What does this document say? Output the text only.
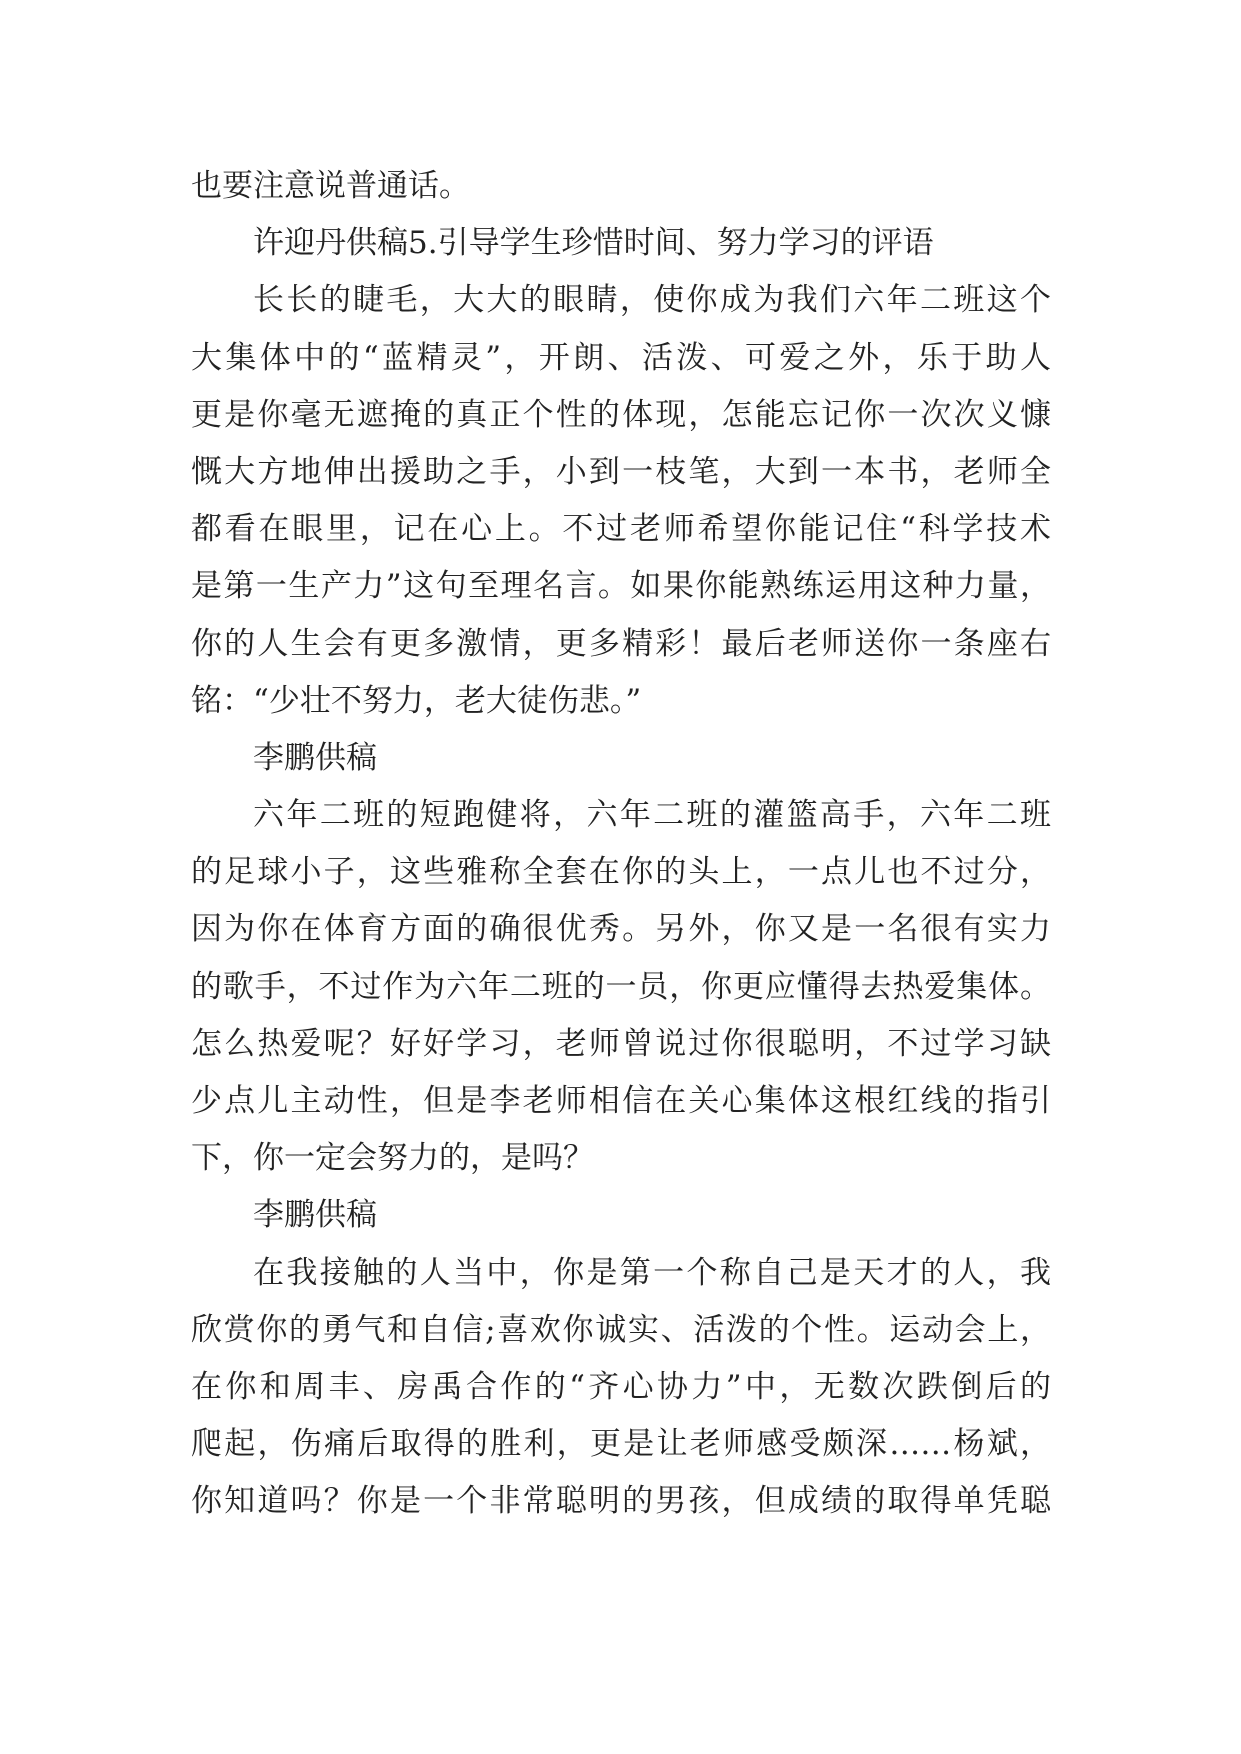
也要注意说普通话。
许迎丹供稿5.引导学生珍惜时间、努力学习的评语
长长的睫毛，大大的眼睛，使你成为我们六年二班这个
大集体中的“蓝精灵”，开朗、活泼、可爱之外，乐于助人
更是你毫无遮掩的真正个性的体现，怎能忘记你一次次义慷
慨大方地伸出援助之手，小到一枝笔，大到一本书，老师全
都看在眼里，记在心上。不过老师希望你能记住“科学技术
是第一生产力”这句至理名言。如果你能熟练运用这种力量，
你的人生会有更多激情，更多精彩！最后老师送你一条座右
铭：“少壮不努力，老大徒伤悲。”
李鹏供稿
六年二班的短跑健将，六年二班的灌篮高手，六年二班
的足球小子，这些雅称全套在你的头上，一点儿也不过分，
因为你在体育方面的确很优秀。另外，你又是一名很有实力
的歌手，不过作为六年二班的一员，你更应懂得去热爱集体。
怎么热爱呢？好好学习，老师曾说过你很聪明，不过学习缺
少点儿主动性，但是李老师相信在关心集体这根红线的指引
下，你一定会努力的，是吗？
李鹏供稿
在我接触的人当中，你是第一个称自己是天才的人，我
欣赏你的勇气和自信;喜欢你诚实、活泼的个性。运动会上，
在你和周丰、房禹合作的“齐心协力”中，无数次跌倒后的
爬起，伤痛后取得的胜利，更是让老师感受颇深……杨斌，
你知道吗？你是一个非常聪明的男孩，但成绩的取得单凭聪
